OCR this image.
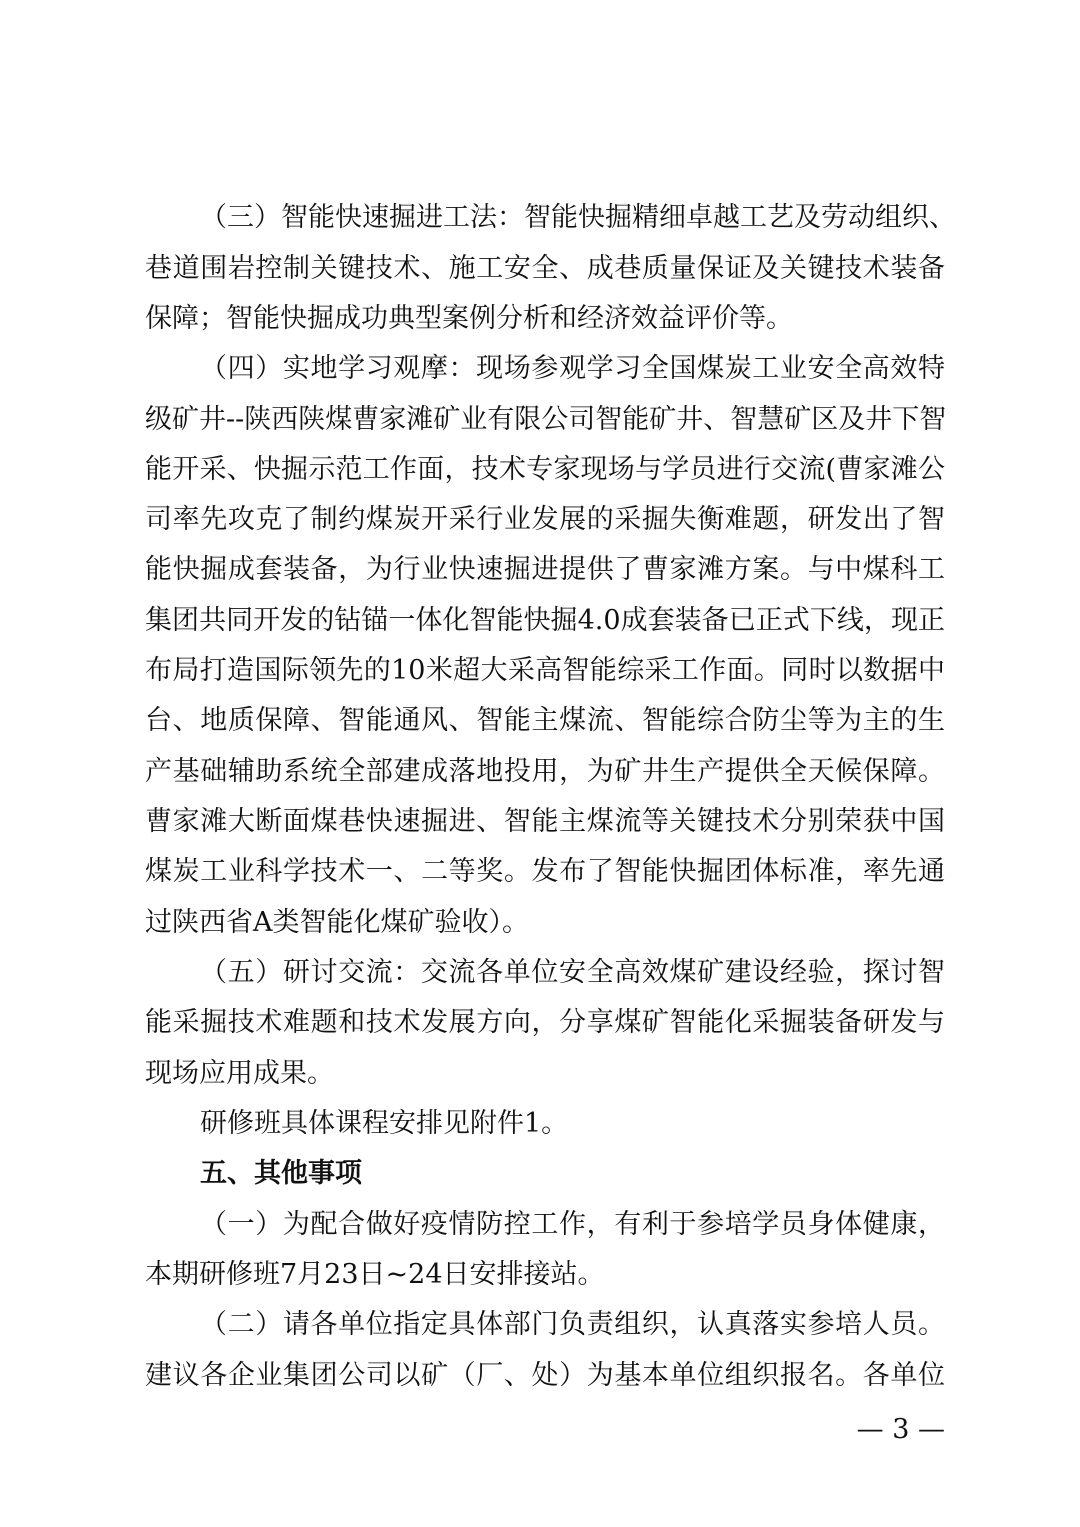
（三）智能快速掘进工法：智能快掘精细卓越工艺及劳动组织、
巷道围岩控制关键技术、施工安全、成巷质量保证及关键技术装备
保障；智能快掘成功典型案例分析和经济效益评价等。
（四）实地学习观摩：现场参观学习全国煤炭工业安全高效特
级矿井--陕西陕煤曹家滩矿业有限公司智能矿井、智慧矿区及井下智
能开采、快掘示范工作面，技术专家现场与学员进行交流(曹家滩公
司率先攻克了制约煤炭开采行业发展的采掘失衡难题，研发出了智
能快掘成套装备，为行业快速掘进提供了曹家滩方案。与中煤科工
集团共同开发的钻锚一体化智能快掘4.0成套装备已正式下线，现正
布局打造国际领先的10米超大采高智能综采工作面。同时以数据中
台、地质保障、智能通风、智能主煤流、智能综合防尘等为主的生
产基础辅助系统全部建成落地投用，为矿井生产提供全天候保障。
曹家滩大断面煤巷快速掘进、智能主煤流等关键技术分别荣获中国
煤炭工业科学技术一、二等奖。发布了智能快掘团体标准，率先通
过陕西省A类智能化煤矿验收）。
（五）研讨交流：交流各单位安全高效煤矿建设经验，探讨智
能采掘技术难题和技术发展方向，分享煤矿智能化采掘装备研发与
现场应用成果。
研修班具体课程安排见附件1。
五、其他事项
（一）为配合做好疫情防控工作，有利于参培学员身体健康，
本期研修班7月23日~24日安排接站。
（二）请各单位指定具体部门负责组织，认真落实参培人员。
建议各企业集团公司以矿（厂、处）为基本单位组织报名。各单位
— 3 —
